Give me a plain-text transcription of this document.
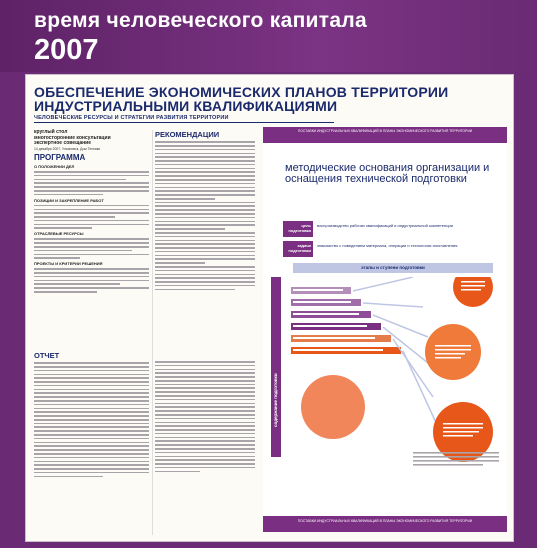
время человеческого капитала
2007
ОБЕСПЕЧЕНИЕ ЭКОНОМИЧЕСКИХ ПЛАНОВ ТЕРРИТОРИИ ИНДУСТРИАЛЬНЫМИ КВАЛИФИКАЦИЯМИ
ЧЕЛОВЕЧЕСКИЕ РЕСУРСЫ И СТРАТЕГИИ РАЗВИТИЯ ТЕРРИТОРИИ
круглый стол
многосторонние консультации
экспертное совещание
14 декабря 2007, Ульяновск, Дом Техники
ПРОГРАММА
О ПОЛОЖЕНИИ ДЕЛ
ПОЗИЦИИ И ЗАКРЕПЛЕНИЕ РАБОТ
ОТРАСЛЕВЫЕ РЕСУРСЫ
ПРОЕКТЫ И КРИТЕРИИ РЕШЕНИЯ
РЕКОМЕНДАЦИИ
ОТЧЕТ
ПОСТАВКИ ИНДУСТРИАЛЬНЫХ КВАЛИФИКАЦИЙ В ПЛАНЫ ЭКОНОМИЧЕСКОГО РАЗВИТИЯ ТЕРРИТОРИИ
методические основания организации и оснащения технической подготовки
цель подготовки
воспроизводство рабочих квалификаций и индустриальной компетенции
задачи подготовки
знакомство с поведением материала, операции и технология изготовления
этапы и ступени подготовки
содержание подготовки
ПОСТАВКИ ИНДУСТРИАЛЬНЫХ КВАЛИФИКАЦИЙ В ПЛАНЫ ЭКОНОМИЧЕСКОГО РАЗВИТИЯ ТЕРРИТОРИИ
